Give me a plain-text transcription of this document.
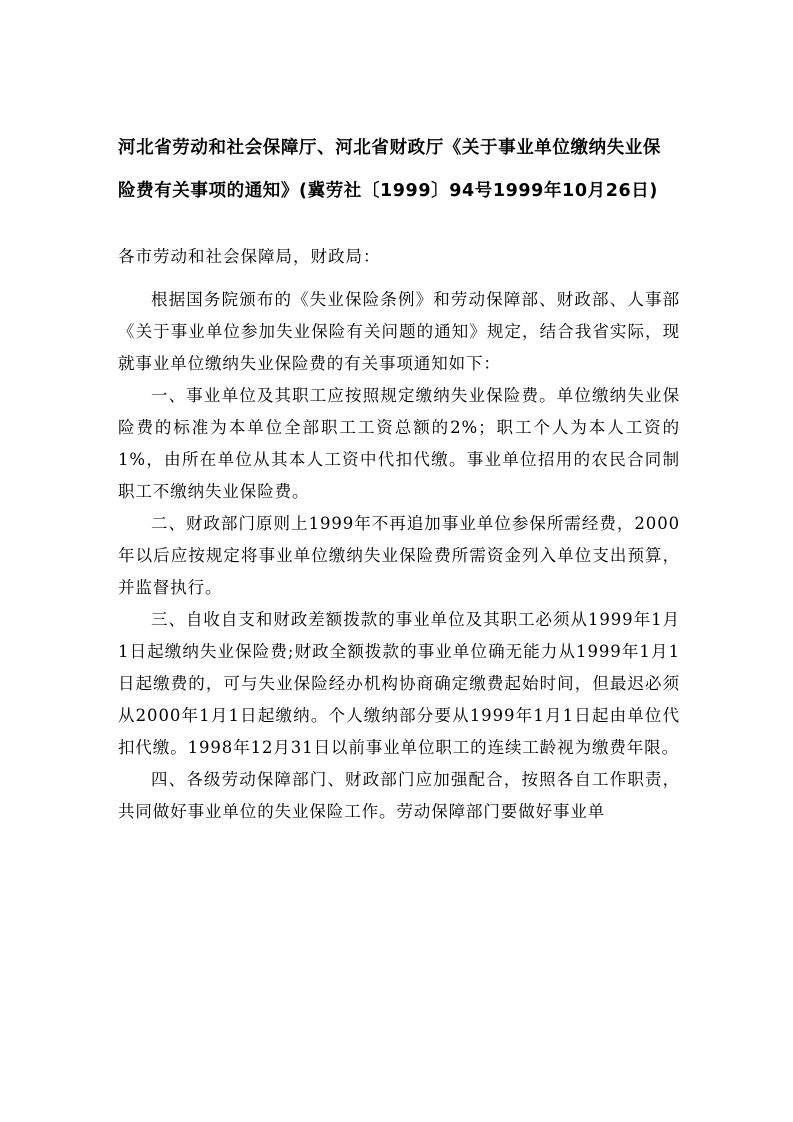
河北省劳动和社会保障厅、河北省财政厅《关于事业单位缴纳失业保险费有关事项的通知》(冀劳社〔1999〕94号1999年10月26日)

各市劳动和社会保障局，财政局：

根据国务院颁布的《失业保险条例》和劳动保障部、财政部、人事部《关于事业单位参加失业保险有关问题的通知》规定，结合我省实际，现就事业单位缴纳失业保险费的有关事项通知如下：

一、事业单位及其职工应按照规定缴纳失业保险费。单位缴纳失业保险费的标准为本单位全部职工工资总额的2%；职工个人为本人工资的1%，由所在单位从其本人工资中代扣代缴。事业单位招用的农民合同制职工不缴纳失业保险费。

二、财政部门原则上1999年不再追加事业单位参保所需经费，2000年以后应按规定将事业单位缴纳失业保险费所需资金列入单位支出预算，并监督执行。

三、自收自支和财政差额拨款的事业单位及其职工必须从1999年1月1日起缴纳失业保险费;财政全额拨款的事业单位确无能力从1999年1月1日起缴费的，可与失业保险经办机构协商确定缴费起始时间，但最迟必须从2000年1月1日起缴纳。个人缴纳部分要从1999年1月1日起由单位代扣代缴。1998年12月31日以前事业单位职工的连续工龄视为缴费年限。

四、各级劳动保障部门、财政部门应加强配合，按照各自工作职责，共同做好事业单位的失业保险工作。劳动保障部门要做好事业单
